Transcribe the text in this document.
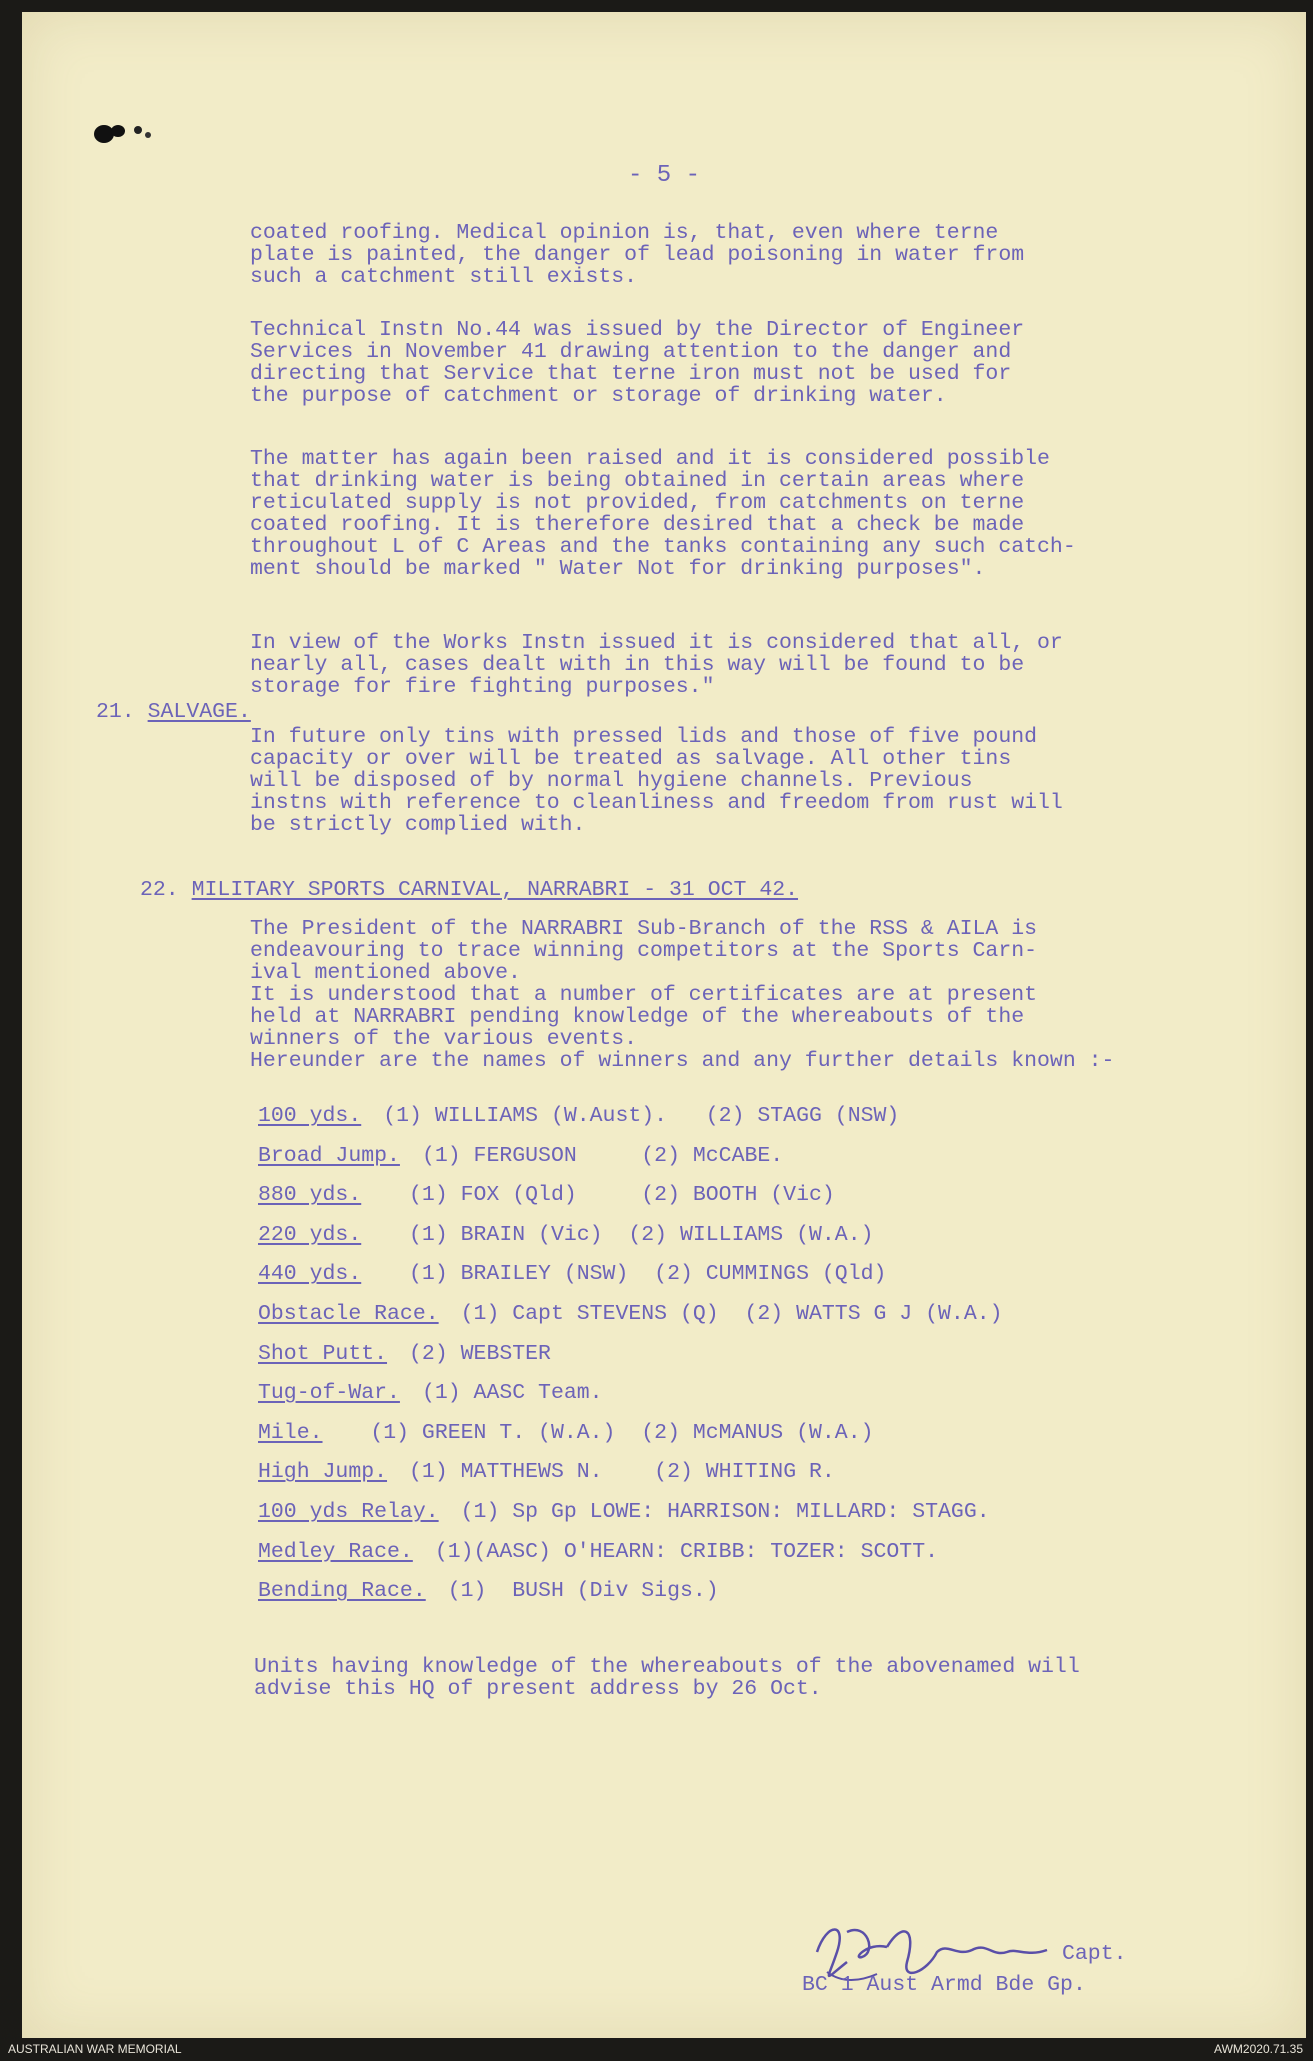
- 5 -
coated roofing. Medical opinion is, that, even where terne
plate is painted, the danger of lead poisoning in water from
such a catchment still exists.
Technical Instn No.44 was issued by the Director of Engineer
Services in November 41 drawing attention to the danger and
directing that Service that terne iron must not be used for
the purpose of catchment or storage of drinking water.
The matter has again been raised and it is considered possible
that drinking water is being obtained in certain areas where
reticulated supply is not provided, from catchments on terne
coated roofing. It is therefore desired that a check be made
throughout L of C Areas and the tanks containing any such catch-
ment should be marked " Water Not for drinking purposes".
In view of the Works Instn issued it is considered that all, or
nearly all, cases dealt with in this way will be found to be
storage for fire fighting purposes."
21. SALVAGE.
In future only tins with pressed lids and those of five pound
capacity or over will be treated as salvage. All other tins
will be disposed of by normal hygiene channels. Previous
instns with reference to cleanliness and freedom from rust will
be strictly complied with.
22. MILITARY SPORTS CARNIVAL, NARRABRI - 31 OCT 42.
The President of the NARRABRI Sub-Branch of the RSS & AILA is
endeavouring to trace winning competitors at the Sports Carn-
ival mentioned above.
It is understood that a number of certificates are at present
held at NARRABRI pending knowledge of the whereabouts of the
winners of the various events.
Hereunder are the names of winners and any further details known :-
100 yds. (1) WILLIAMS (W.Aust).   (2) STAGG (NSW)
Broad Jump. (1) FERGUSON     (2) McCABE.
880 yds.  (1) FOX (Qld)     (2) BOOTH (Vic)
220 yds.  (1) BRAIN (Vic)  (2) WILLIAMS (W.A.)
440 yds.  (1) BRAILEY (NSW)  (2) CUMMINGS (Qld)
Obstacle Race. (1) Capt STEVENS (Q)  (2) WATTS G J (W.A.)
Shot Putt. (2) WEBSTER
Tug-of-War. (1) AASC Team.
Mile.  (1) GREEN T. (W.A.)  (2) McMANUS (W.A.)
High Jump. (1) MATTHEWS N.    (2) WHITING R.
100 yds Relay. (1) Sp Gp LOWE: HARRISON: MILLARD: STAGG.
Medley Race. (1)(AASC) O'HEARN: CRIBB: TOZER: SCOTT.
Bending Race. (1)  BUSH (Div Sigs.)
Units having knowledge of the whereabouts of the abovenamed will
advise this HQ of present address by 26 Oct.
Capt.
BC 1 Aust Armd Bde Gp.
AUSTRALIAN WAR MEMORIAL	AWM2020.71.35
